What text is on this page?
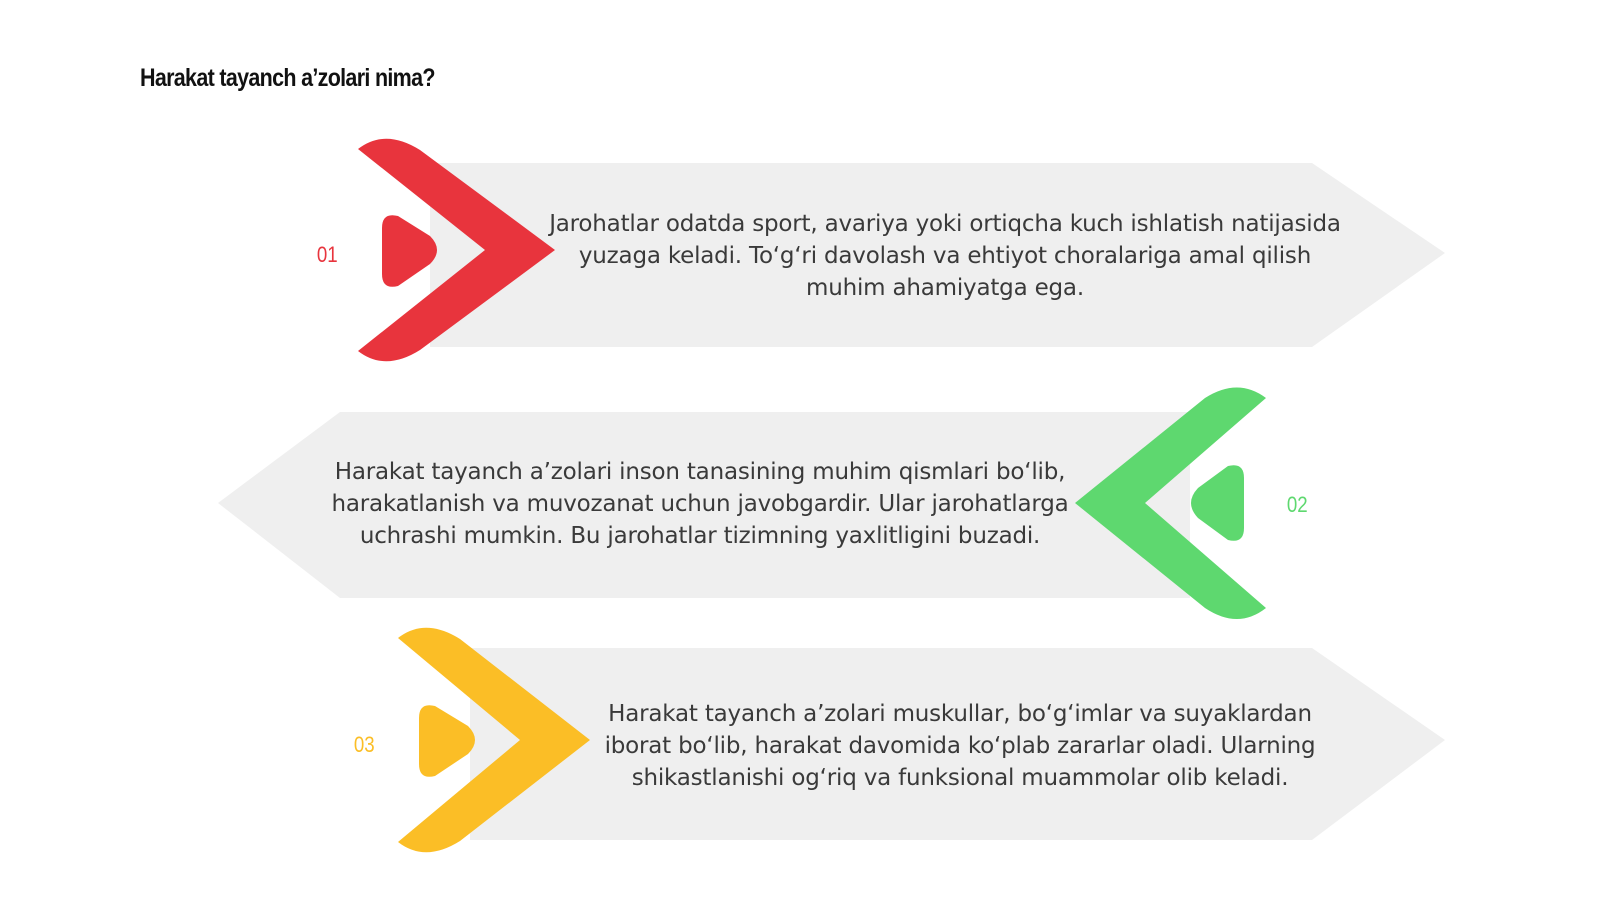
Harakat tayanch a’zolari nima?
01
02
03
Jarohatlar odatda sport, avariya yoki ortiqcha kuch ishlatish natijasida yuzaga keladi. To‘g‘ri davolash va ehtiyot choralariga amal qilish muhim ahamiyatga ega.
Harakat tayanch a’zolari inson tanasining muhim qismlari bo‘lib, harakatlanish va muvozanat uchun javobgardir. Ular jarohatlarga uchrashi mumkin. Bu jarohatlar tizimning yaxlitligini buzadi.
Harakat tayanch a’zolari muskullar, bo‘g‘imlar va suyaklardan iborat bo‘lib, harakat davomida ko‘plab zararlar oladi. Ularning shikastlanishi og‘riq va funksional muammolar olib keladi.
